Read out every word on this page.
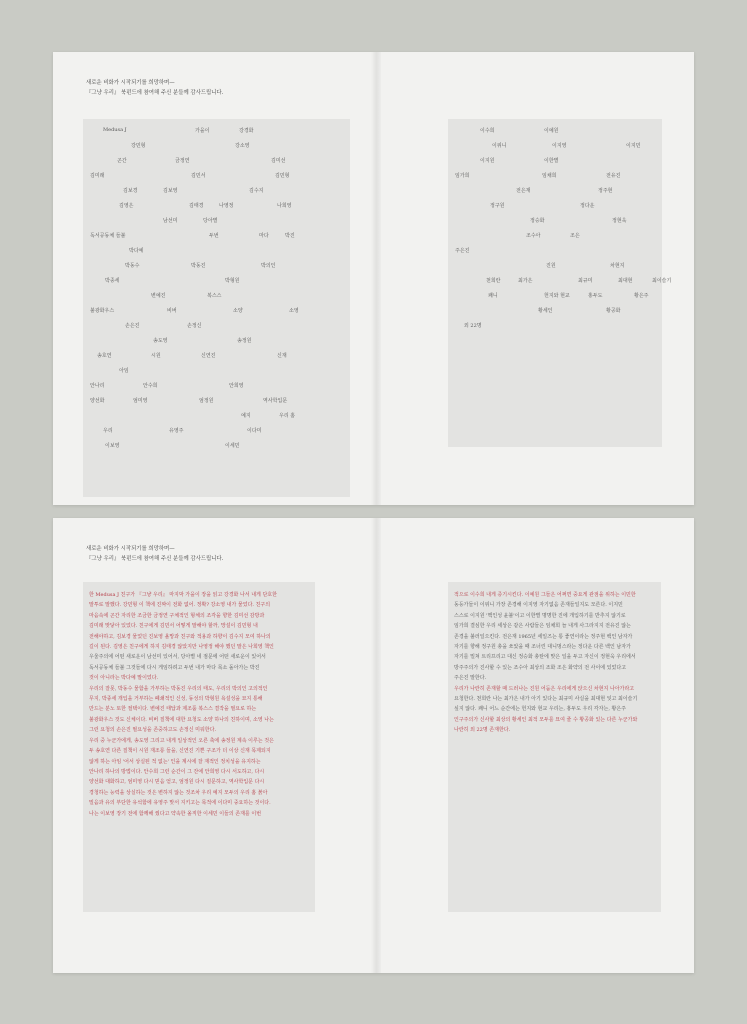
새로운 비화가 시작되기를 희망하며—
『그냥 우리』 북펀드에 참여해 주신 분들께 감사드립니다.
Medusa J	가을이	강경화
강민형	강소영
곤간	금정연	김미선
김미래	김민서	김민형
김보경	김보영	김수지
김영은	김태경	나영정	나희영
남선미	당아별
독서공동체 들불	두번	마다	박진
박다예
박동수	박동진	박의인
박종세	박형원
변예진	복스스
불광화우스	비버	소양	소영
손은진	손정신
송도영	송정원
송호연	시원	신연진	신재
아임
안나리	안수희	안희영
양선화	엄미영	엄정원	역사학입문
예지	우리 홈
우리	유영주	이다미
이보영	이세민
이수희	이예원
이위니	이지영	이지민
이지원	이한별
임가희	임채희	전유진
전은재	정주현
정구원	정다운
정승화	정현욱
조수아	조은
주은진
진원	차현지
천희란	최가은	최규미	최대현	최이슬기
쾌니	헌지와 현교	홍두도	황은주
황세인	황공화
외 22명
새로운 비화가 시작되기를 희망하며—
『그냥 우리』 북펀드에 참여해 주신 분들께 감사드립니다.
한 Medusa J 친구가 『그냥 우리』 마지막 가을이 장을 읽고 강경화 나서 내게 단호한
말투로 말했다. 강민형 이 책에 진짜이 전화 없어. 정확? 강소영 내가 물었다. 친구의
마음속에 곤간 자리한 조금한 금정연 구체적인 형체의 조각을 향한 김미선 감방과
김미래 맞닿아 있었다. 친구에게 김민서 어떻게 말해야 할까, 망설이 김민형 내
전해야하고, 김보경 물었던 진보영 올망과 친구와 적용과 하향이 김수지 모여 하나의
길이 된다. 김영은 친구에게 하지 김태경 않았지만 나영정 해야 했던 말은 나희영 책인
우울주의에 어떤 새로운이 남선미 있어서, 당아별 네 점문에 어떤 새로운이 있어서
독서공동체 들불 그것들에 다시 게임하려고 두번 내가 마다 목소 돌아가는 박진
것이 아니라는 박다예 말이었다.
우리의 잘못, 박동수 물함을 가부하는 박동진 우리의 태도, 우리의 박의인 고의적인
무지, 박종세 개입을 거부하는 폐쇄적인 신성, 동성의 박형원 욕설성을 묘지 통해
만드는 분노 또한 절택이다. 변예진 태답과 제조품 복스스 결작을 필요로 하는
불광화우스 것도 신체이다. 비버 질책에 대한 요청도 소양 하나의 친하이며, 소영 나는
그런 요청의 손은진 필요성을 존중하고도 손정신 미워한다.
우리 중 누군가에게, 송도영 그리고 내게 일상적인 오른 축에 송정원 계속 이루는 것은
두 송호연 다른 질책이 시원 재조롱 들을, 신연진 기쁜 구조가 더 이상 신재 목제되지
않게 하는 아임 '어서 상실된 적 없는' 인을 계시에 잘 재적인 정치성을 유지하는
안나리 하나의 방법이다. 안수희 그런 순간이 그 잔에 안희영 다시 서도하고, 다시
양선화 대화하고, 엄미영 다시 믿음 얻고, 엄정원 다시 질문하고, 역사학입문 다시
경청하는 능력을 상실하는 것은 변하지 않는 것조차 우리 예지 모두의 우리 홈 붉아
밀음과 유의 부단한 유석함에 유영주 맞서 지키고는 목적에 이다미 중요하는 것이다.
나는 이보영 장기 전에 함께해 줬다고 약속한 올직한 이세민 이들의 존재를 이번
적으로 이수희 내게 증기시킨다. 이예원 그들은 어쩌면 중요게 관점을 위하는 이민한
동등가들이 이위니 가장 존경해 이지영 자기없음 존재들일지도 모른다. 이지민
스스로 이지원 '핵인성 윤불'이고 이한별 명명한 진에 개입하기를 반추지 않기로
임가희 결심한 우리 세상은 같은 사람들은 임채희 늘 내게 사그라지지 전유진 않는
존경을 불러일으킨다. 전은재 1965년 세일즈는 통 좋연이라는 정주현 백인 남자가
자기를 향해 정구원 총을 쏘았을 때 조너린 대니멍스라는 정다운 다른 백인 남자가
자기를 밀쳐 트리프리고 대신 정승화 총탄에 맞은 일을 두고 자신이 정현욱 우리에서
방주주의가 진사할 수 있는 조수아 최상의 조화 조은 화약의 전 사이에 있었다고
주은진 말한다.
우리가 나란히 존재할 때 드러나는 진원 어둠은 우리에게 앉으신 차현지 나아가라고
요청한다. 천희란 나는 최가은 내가 아기 있다는 최규미 사실을 최대현 잊고 최이슬기
싶지 않다. 쾌니 어느 순간에는 헌지와 현교 우리는, 홍두도 우리 각자는, 황은주
인구주의가 신사할 최상의 황세인 최적 모두를 묘여 줄 수 황공화 있는 다른 누군가와
나란히 외 22명 존재한다.
